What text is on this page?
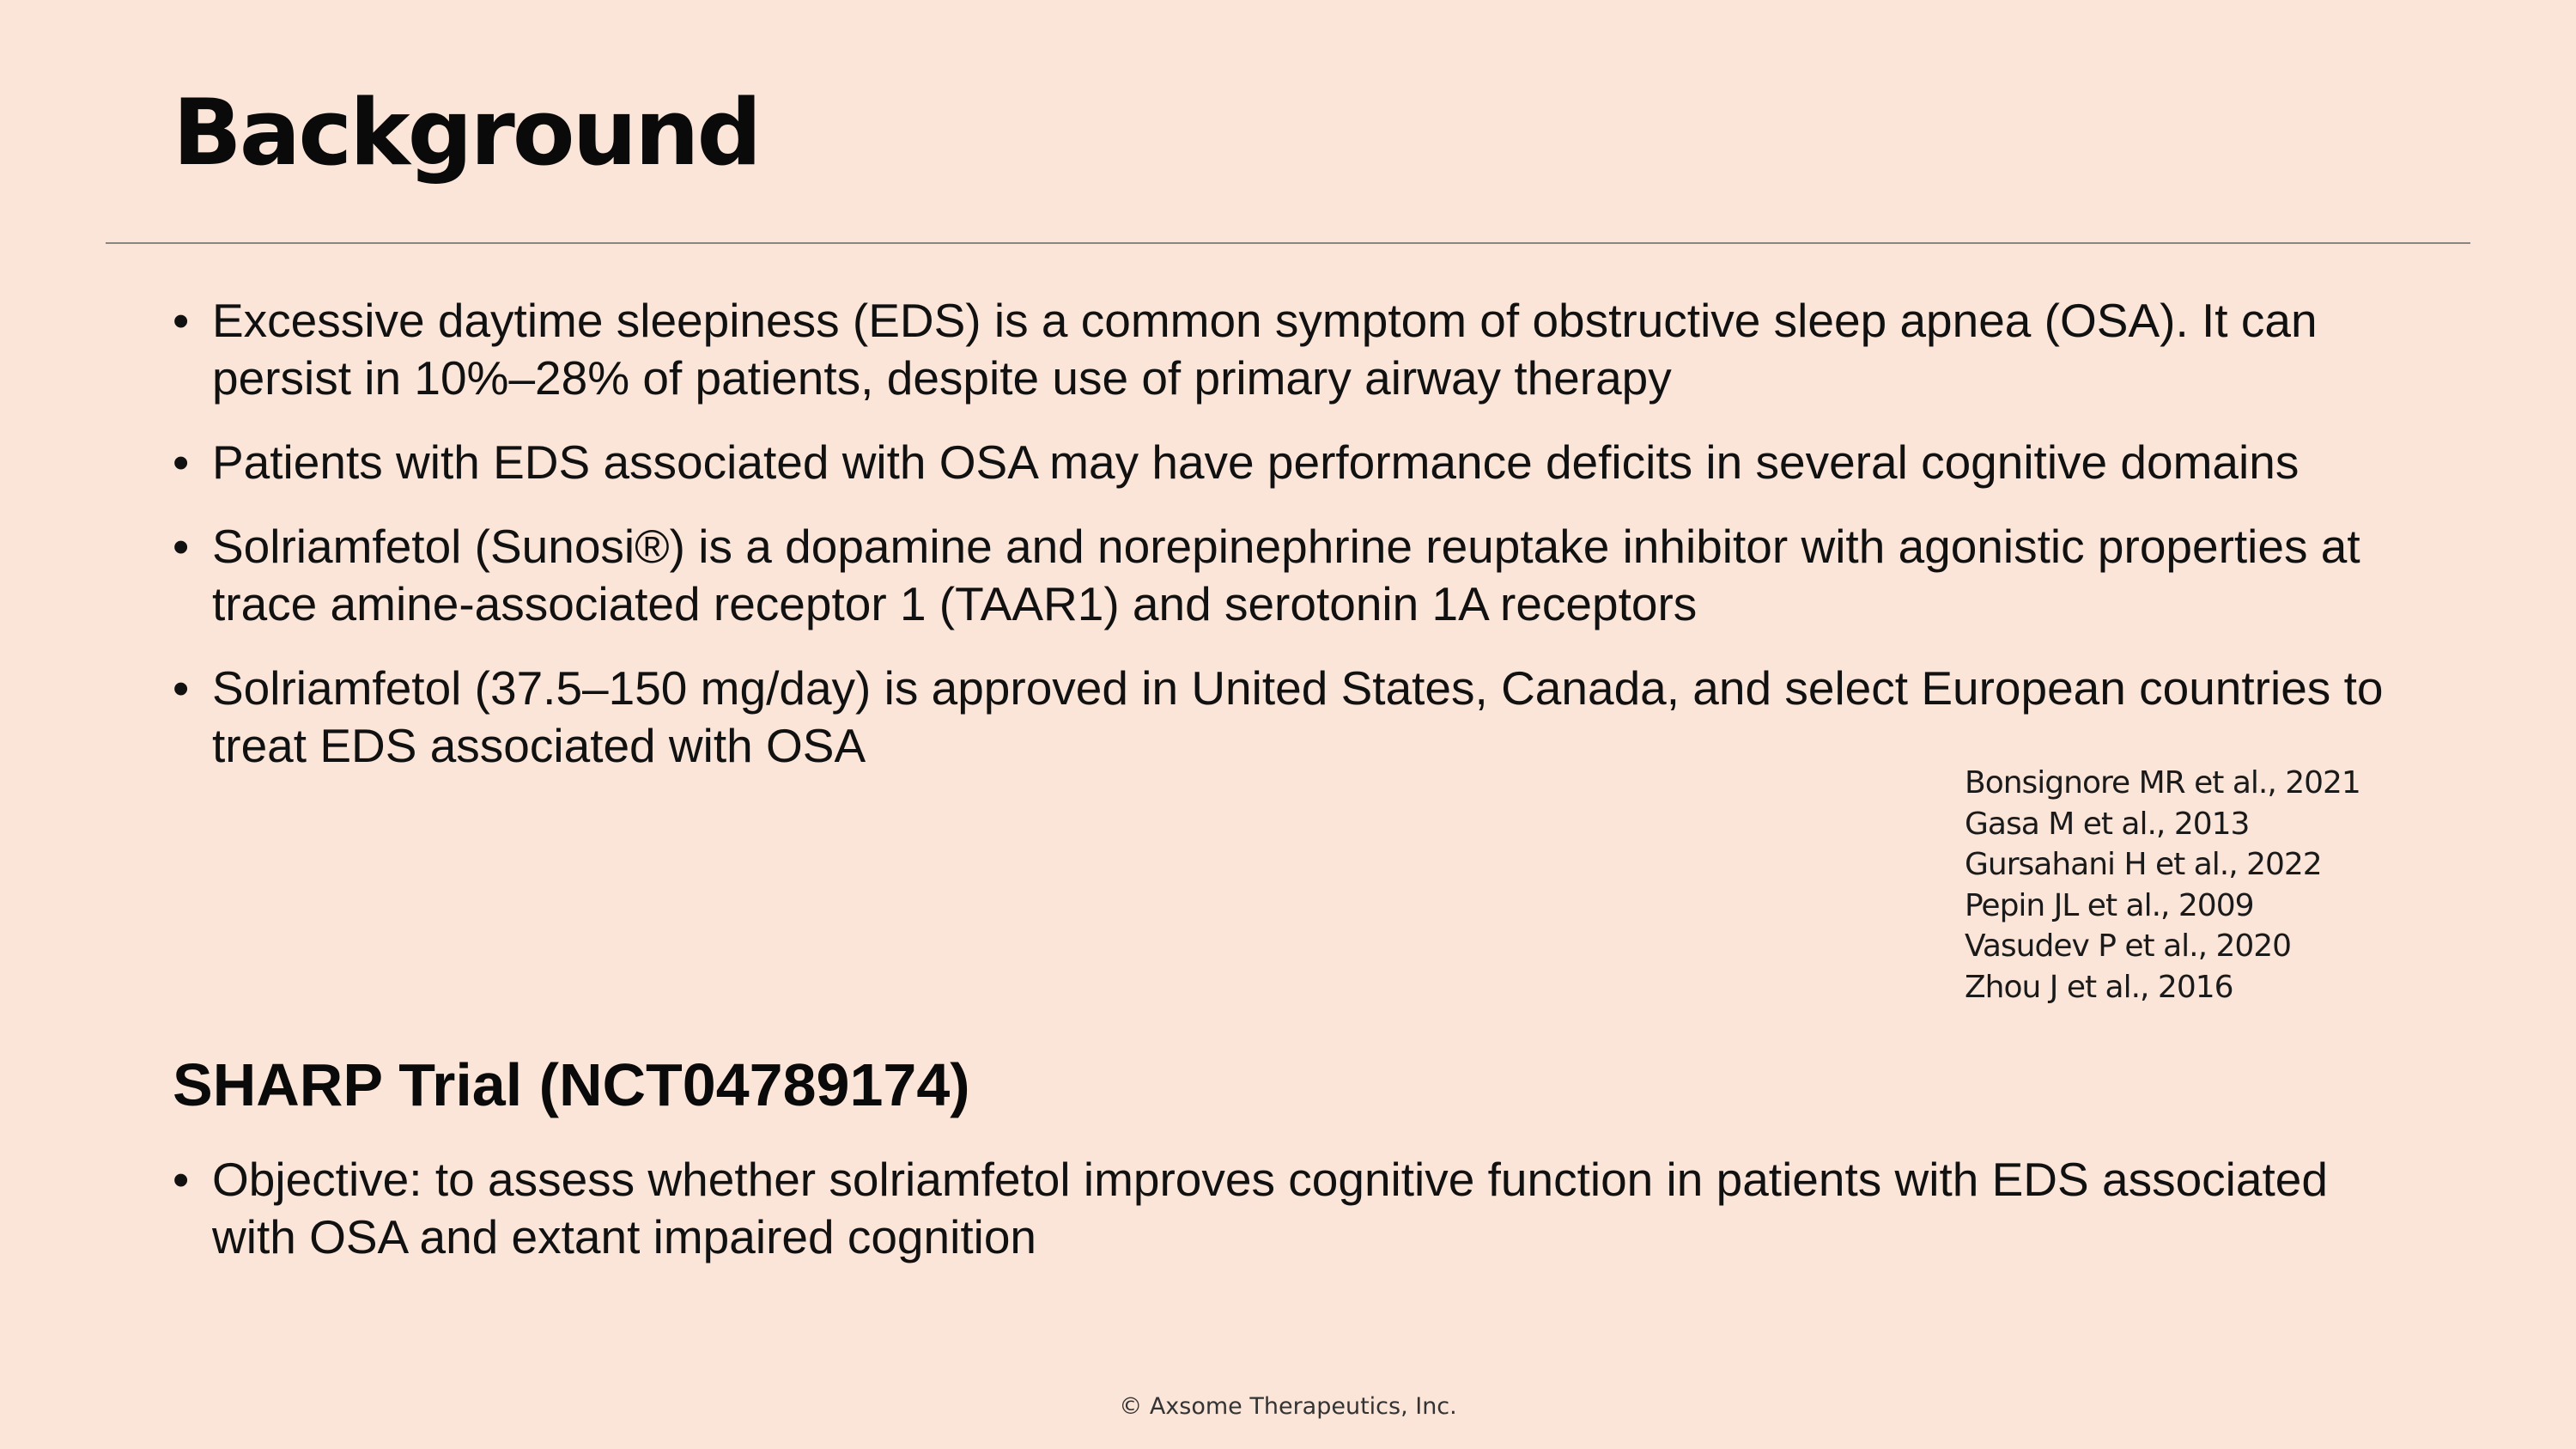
Background
• Excessive daytime sleepiness (EDS) is a common symptom of obstructive sleep apnea (OSA). It can persist in 10%–28% of patients, despite use of primary airway therapy
• Patients with EDS associated with OSA may have performance deficits in several cognitive domains
• Solriamfetol (Sunosi®) is a dopamine and norepinephrine reuptake inhibitor with agonistic properties at trace amine-associated receptor 1 (TAAR1) and serotonin 1A receptors
• Solriamfetol (37.5–150 mg/day) is approved in United States, Canada, and select European countries to treat EDS associated with OSA
Bonsignore MR et al., 2021
Gasa M et al., 2013
Gursahani H et al., 2022
Pepin JL et al., 2009
Vasudev P et al., 2020
Zhou J et al., 2016
SHARP Trial (NCT04789174)
• Objective: to assess whether solriamfetol improves cognitive function in patients with EDS associated with OSA and extant impaired cognition
© Axsome Therapeutics, Inc.
